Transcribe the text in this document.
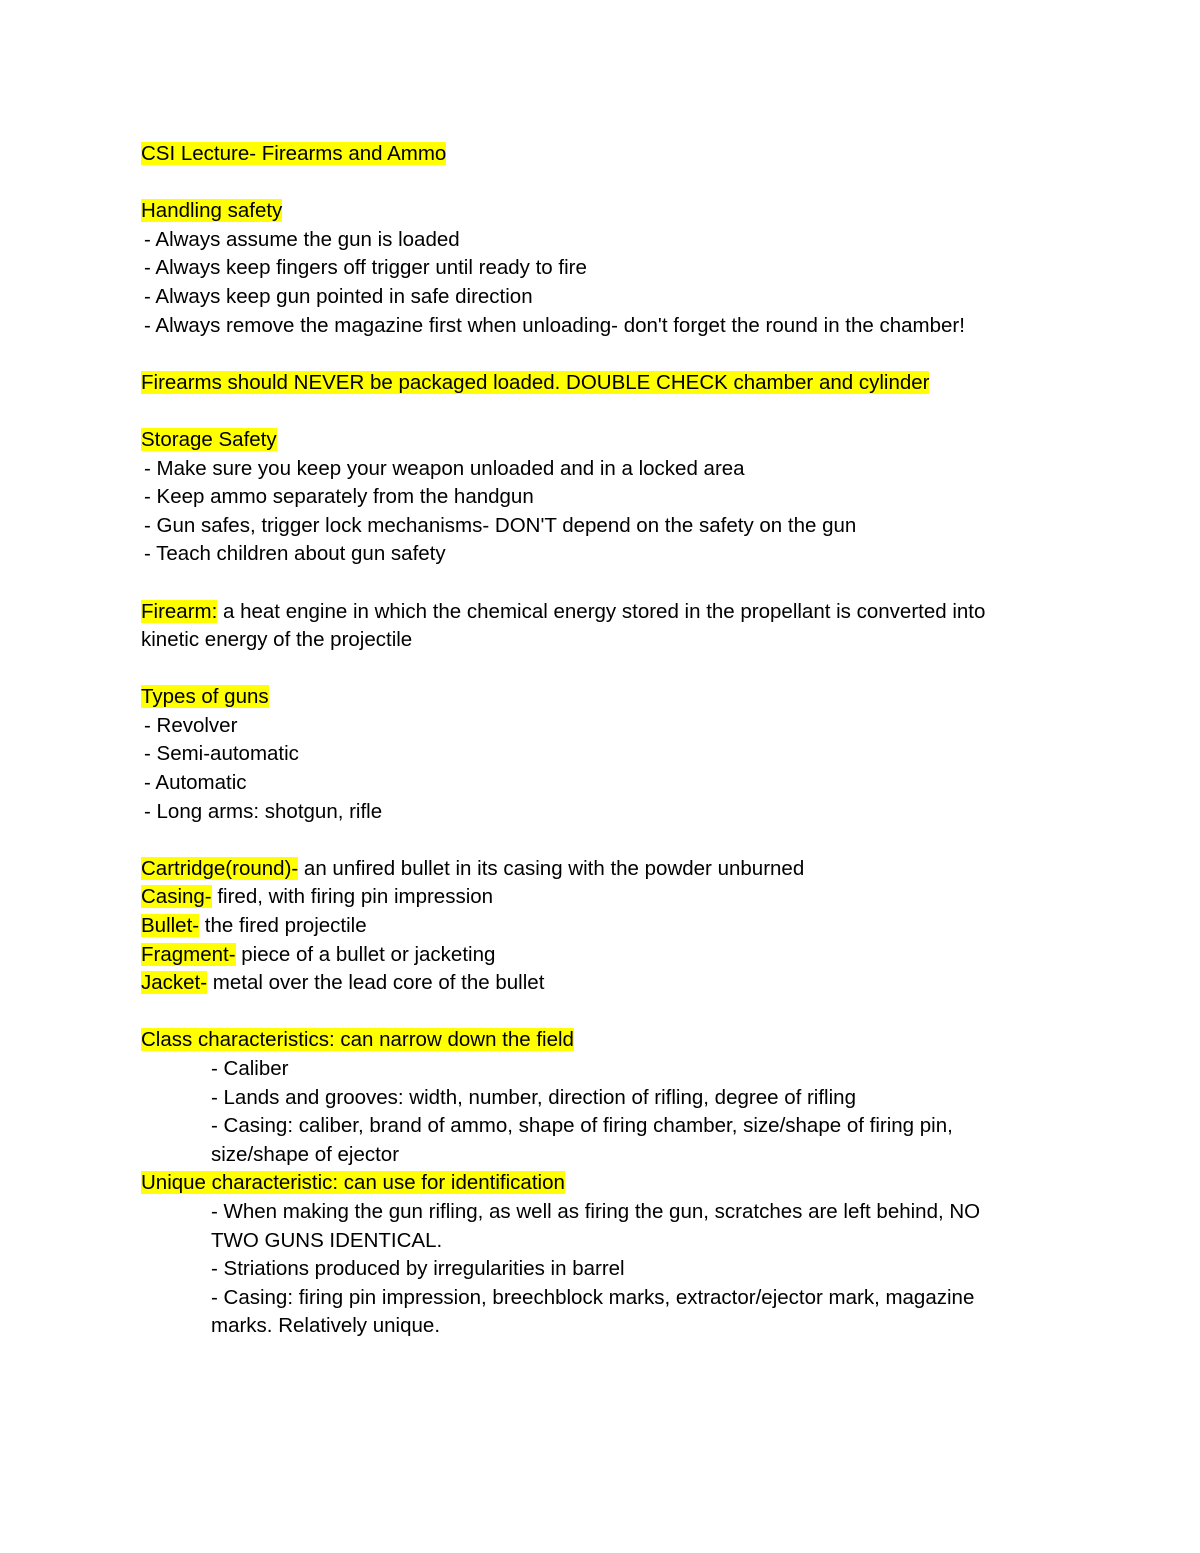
CSI Lecture- Firearms and Ammo
Handling safety
- Always assume the gun is loaded
- Always keep fingers off trigger until ready to fire
- Always keep gun pointed in safe direction
- Always remove the magazine first when unloading- don't forget the round in the chamber!
Firearms should NEVER be packaged loaded. DOUBLE CHECK chamber and cylinder
Storage Safety
- Make sure you keep your weapon unloaded and in a locked area
- Keep ammo separately from the handgun
- Gun safes, trigger lock mechanisms- DON'T depend on the safety on the gun
- Teach children about gun safety
Firearm: a heat engine in which the chemical energy stored in the propellant is converted into
kinetic energy of the projectile
Types of guns
- Revolver
- Semi-automatic
- Automatic
- Long arms: shotgun, rifle
Cartridge(round)- an unfired bullet in its casing with the powder unburned
Casing- fired, with firing pin impression
Bullet- the fired projectile
Fragment- piece of a bullet or jacketing
Jacket- metal over the lead core of the bullet
Class characteristics: can narrow down the field
- Caliber
- Lands and grooves: width, number, direction of rifling, degree of rifling
- Casing: caliber, brand of ammo, shape of firing chamber, size/shape of firing pin,
size/shape of ejector
Unique characteristic: can use for identification
- When making the gun rifling, as well as firing the gun, scratches are left behind, NO
TWO GUNS IDENTICAL.
- Striations produced by irregularities in barrel
- Casing: firing pin impression, breechblock marks, extractor/ejector mark, magazine
marks. Relatively unique.
